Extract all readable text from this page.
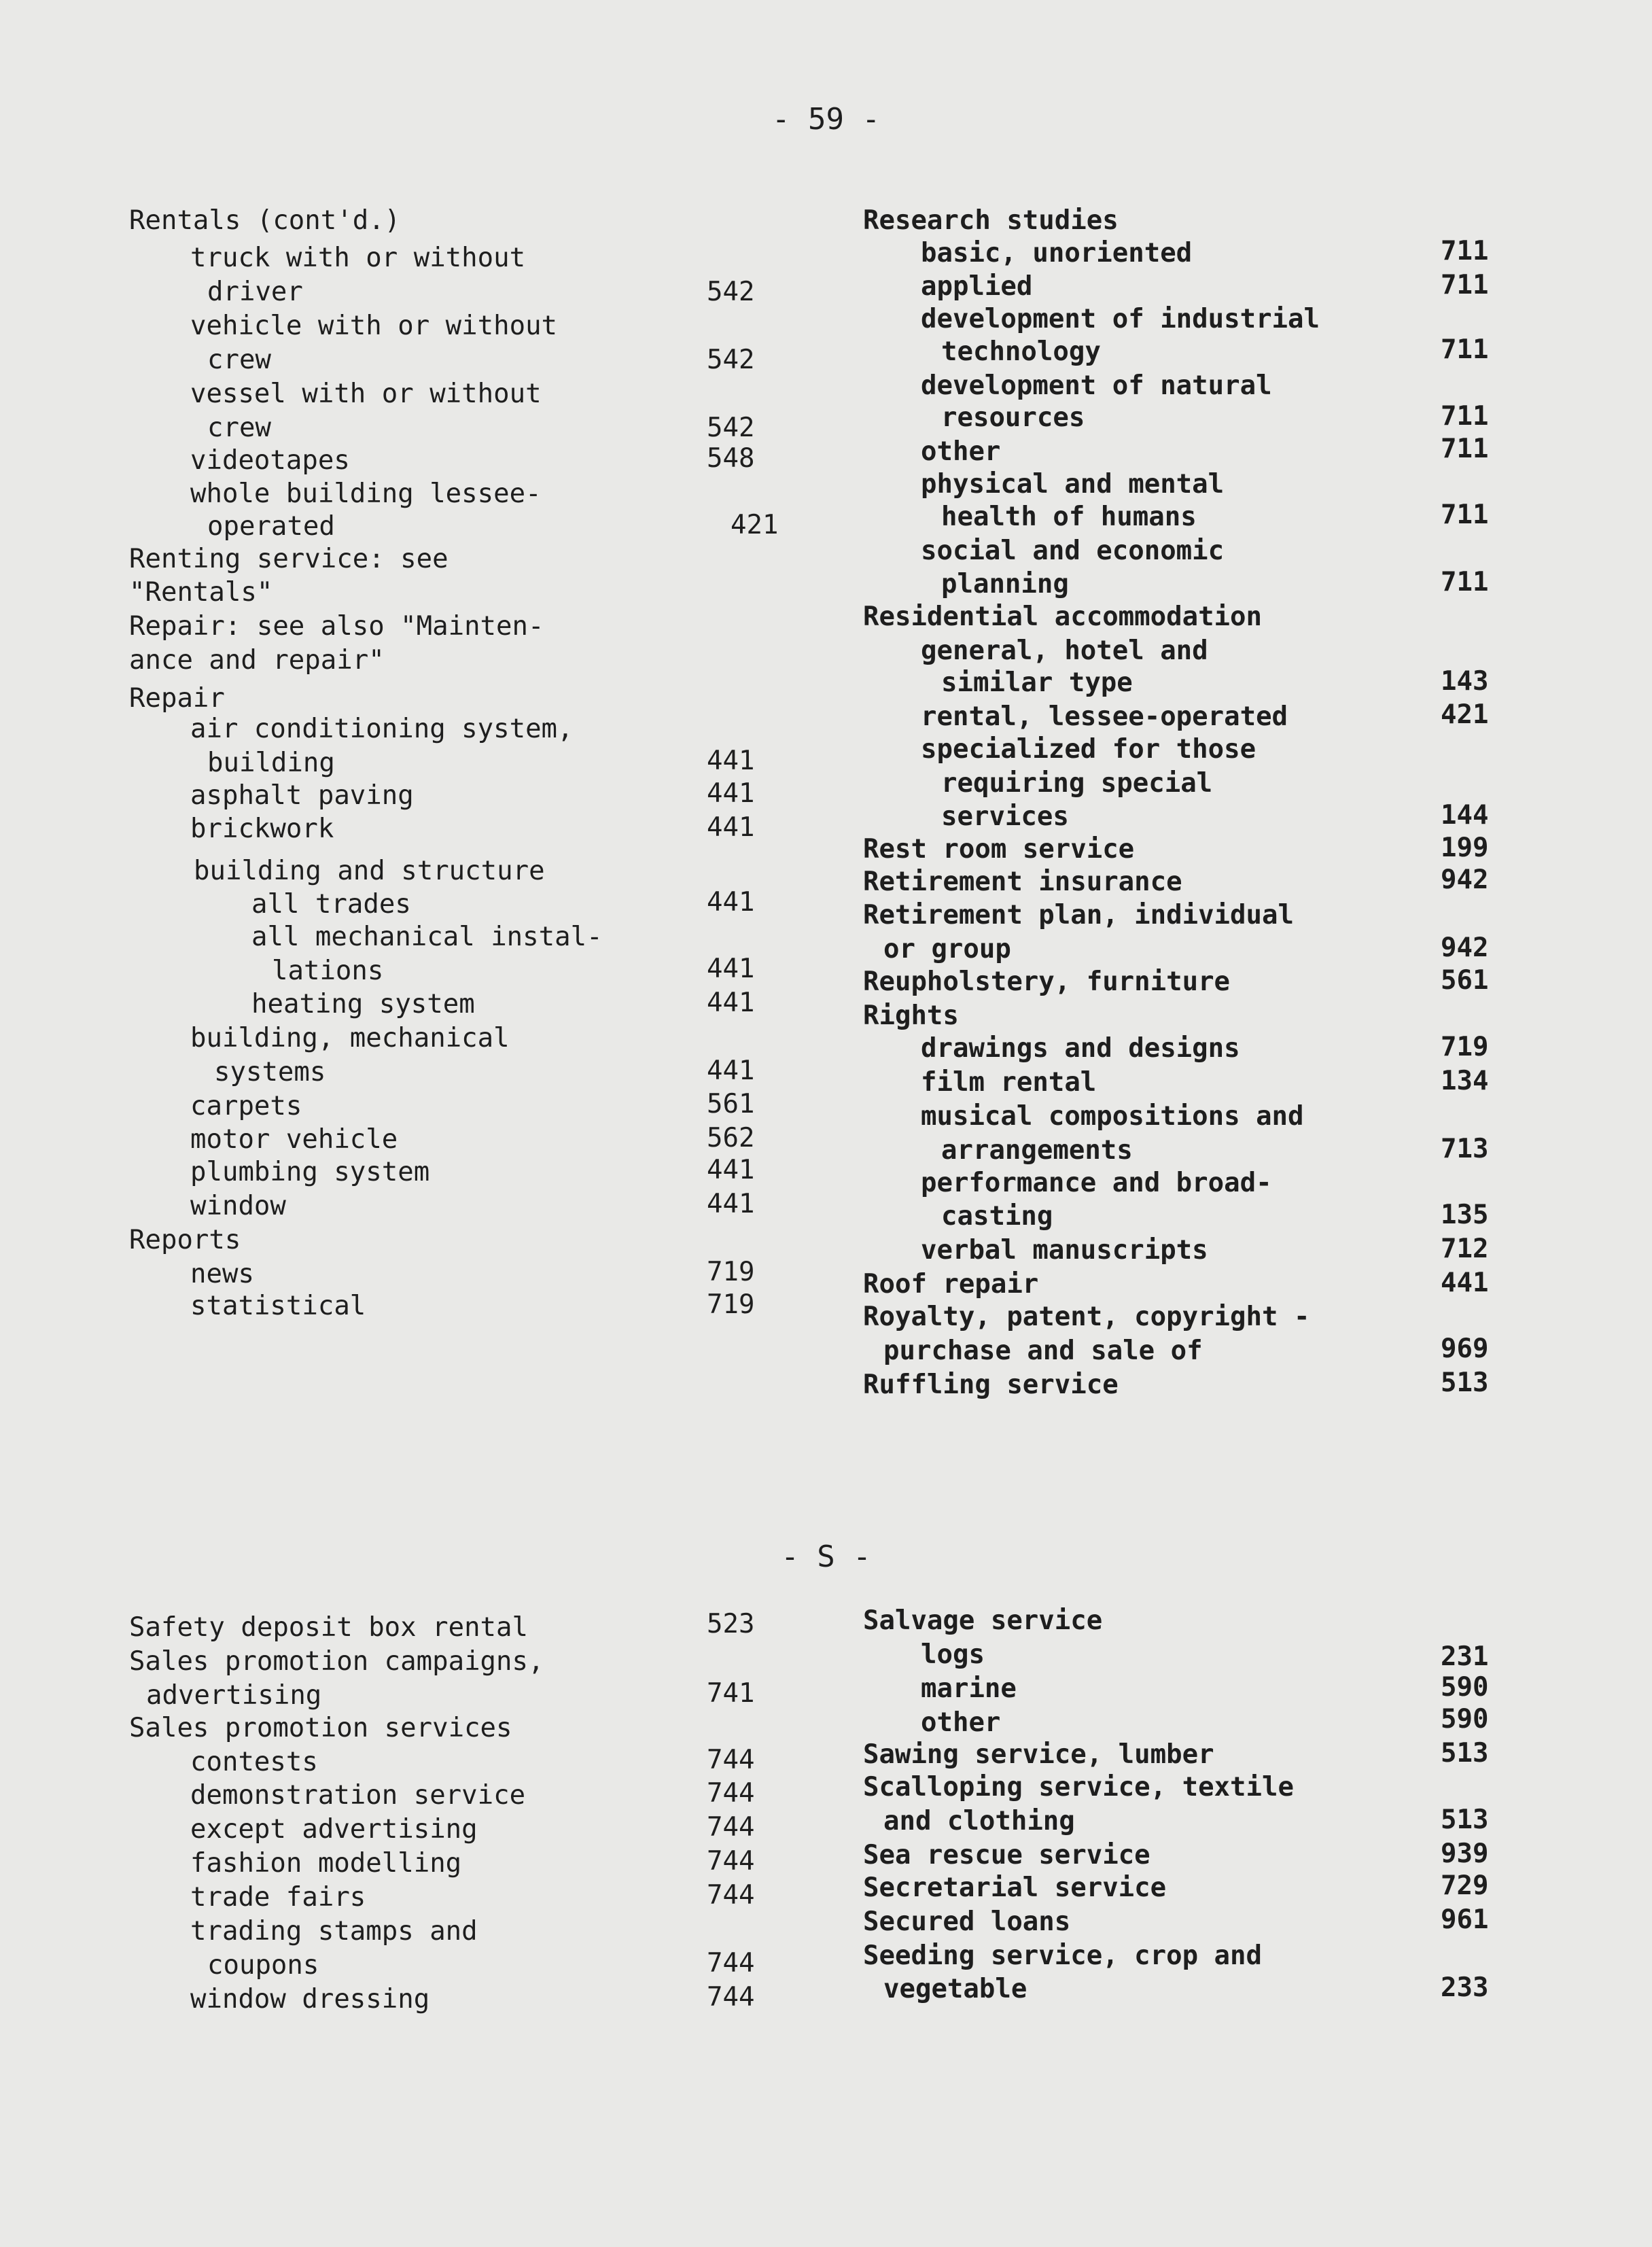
- 59 -
- S -
Rentals (cont'd.)
truck with or without
driver	542
vehicle with or without
crew	542
vessel with or without
crew	542
videotapes	548
whole building lessee-
operated	421
Renting service: see
"Rentals"
Repair: see also "Mainten-
ance and repair"
Repair
air conditioning system,
building	441
asphalt paving	441
brickwork	441
building and structure
all trades	441
all mechanical instal-
lations	441
heating system	441
building, mechanical
systems	441
carpets	561
motor vehicle	562
plumbing system	441
window	441
Reports
news	719
statistical	719
Research studies
basic, unoriented	711
applied	711
development of industrial
technology	711
development of natural
resources	711
other	711
physical and mental
health of humans	711
social and economic
planning	711
Residential accommodation
general, hotel and
similar type	143
rental, lessee-operated	421
specialized for those
requiring special
services	144
Rest room service	199
Retirement insurance	942
Retirement plan, individual
or group	942
Reupholstery, furniture	561
Rights
drawings and designs	719
film rental	134
musical compositions and
arrangements	713
performance and broad-
casting	135
verbal manuscripts	712
Roof repair	441
Royalty, patent, copyright -
purchase and sale of	969
Ruffling service	513
Safety deposit box rental	523
Sales promotion campaigns,
advertising	741
Sales promotion services
contests	744
demonstration service	744
except advertising	744
fashion modelling	744
trade fairs	744
trading stamps and
coupons	744
window dressing	744
Salvage service
logs	231
marine	590
other	590
Sawing service, lumber	513
Scalloping service, textile
and clothing	513
Sea rescue service	939
Secretarial service	729
Secured loans	961
Seeding service, crop and
vegetable	233
